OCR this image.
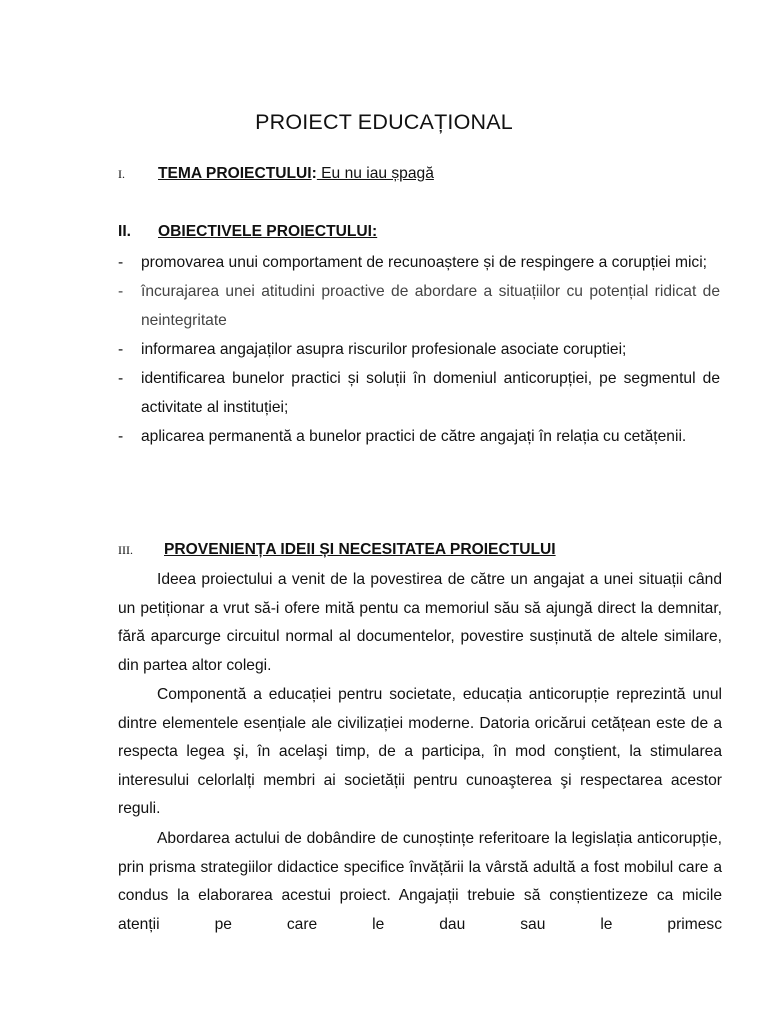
PROIECT EDUCAȚIONAL
I. TEMA PROIECTULUI: Eu nu iau șpagă
II. OBIECTIVELE PROIECTULUI:
- promovarea unui comportament de recunoaștere și de respingere a corupției mici;
- încurajarea unei atitudini proactive de abordare a situațiilor cu potențial ridicat de neintegritate
- informarea angajaților asupra riscurilor profesionale asociate coruptiei;
- identificarea bunelor practici și soluții în domeniul anticorupției, pe segmentul de activitate al instituției;
- aplicarea permanentă a bunelor practici de către angajați în relația cu cetățenii.
III. PROVENIENȚA IDEII ȘI NECESITATEA PROIECTULUI

Ideea proiectului a venit de la povestirea de către un angajat a unei situații când un petiționar a vrut să-i ofere mită pentu ca memoriul său să ajungă direct la demnitar, fără aparcurge circuitul normal al documentelor, povestire susținută de altele similare, din partea altor colegi.

Componentă a educației pentru societate, educația anticorupție reprezintă unul dintre elementele esențiale ale civilizației moderne. Datoria oricărui cetățean este de a respecta legea şi, în acelaşi timp, de a participa, în mod conştient, la stimularea interesului celorlalți membri ai societății pentru cunoaşterea şi respectarea acestor reguli.

Abordarea actului de dobândire de cunoștințe referitoare la legislația anticorupție, prin prisma strategiilor didactice specifice învățării la vârstă adultă a fost mobilul care a condus la elaborarea acestui proiect. Angajații trebuie să conștientizeze ca micile atenții pe care le dau sau le primesc
